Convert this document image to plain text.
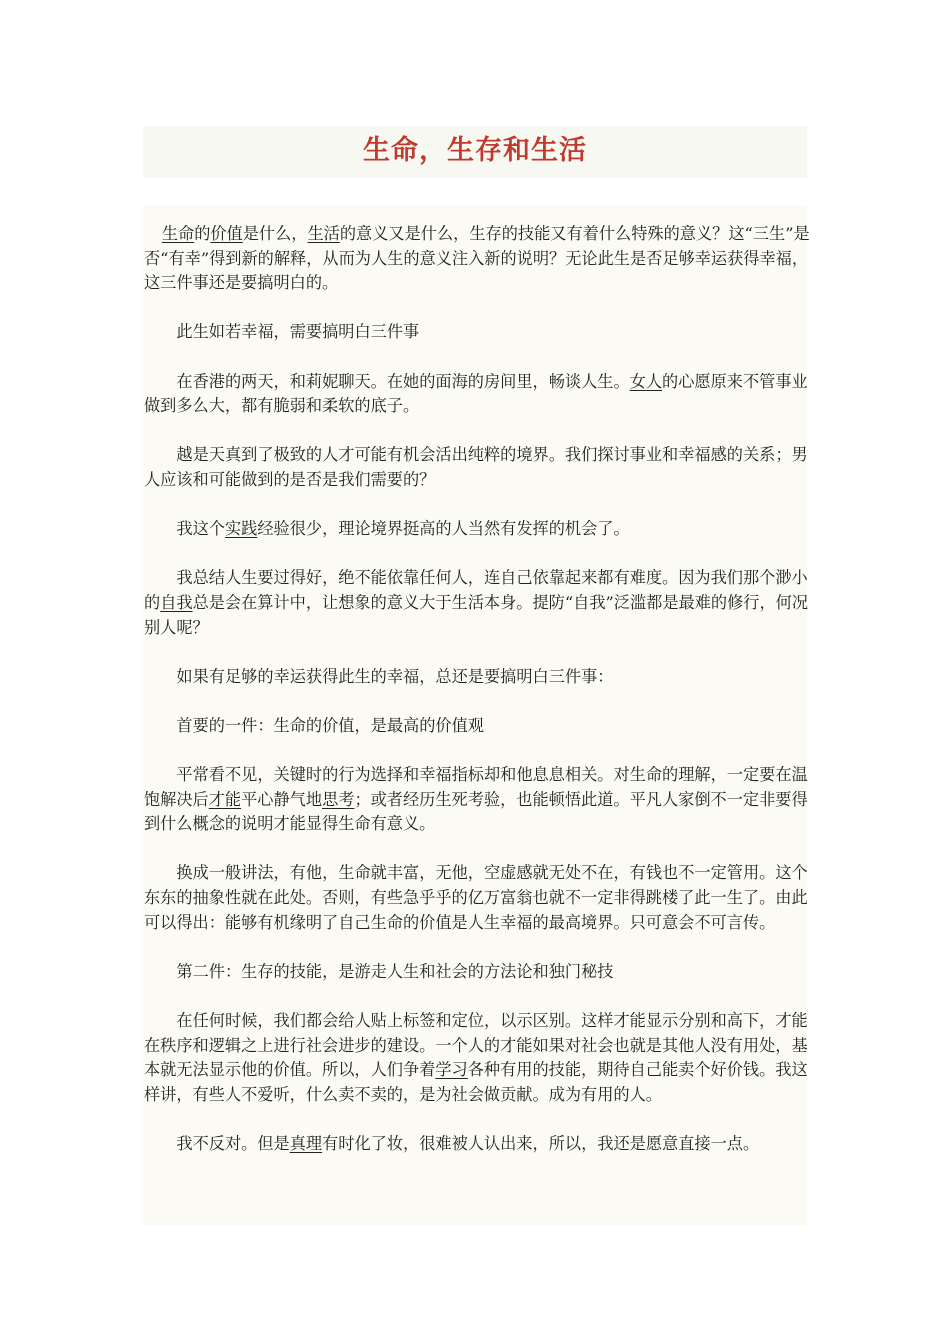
生命，生存和生活

生命的价值是什么，生活的意义又是什么，生存的技能又有着什么特殊的意义？这“三生”是否“有幸”得到新的解释，从而为人生的意义注入新的说明？无论此生是否足够幸运获得幸福，这三件事还是要搞明白的。

此生如若幸福，需要搞明白三件事

在香港的两天，和莉妮聊天。在她的面海的房间里，畅谈人生。女人的心愿原来不管事业做到多么大，都有脆弱和柔软的底子。

越是天真到了极致的人才可能有机会活出纯粹的境界。我们探讨事业和幸福感的关系；男人应该和可能做到的是否是我们需要的？

我这个实践经验很少，理论境界挺高的人当然有发挥的机会了。

我总结人生要过得好，绝不能依靠任何人，连自己依靠起来都有难度。因为我们那个渺小的自我总是会在算计中，让想象的意义大于生活本身。提防“自我”泛滥都是最难的修行，何况别人呢？

如果有足够的幸运获得此生的幸福，总还是要搞明白三件事：

首要的一件：生命的价值，是最高的价值观

平常看不见，关键时的行为选择和幸福指标却和他息息相关。对生命的理解，一定要在温饱解决后才能平心静气地思考；或者经历生死考验，也能顿悟此道。平凡人家倒不一定非要得到什么概念的说明才能显得生命有意义。

换成一般讲法，有他，生命就丰富，无他，空虚感就无处不在，有钱也不一定管用。这个东东的抽象性就在此处。否则，有些急乎乎的亿万富翁也就不一定非得跳楼了此一生了。由此可以得出：能够有机缘明了自己生命的价值是人生幸福的最高境界。只可意会不可言传。

第二件：生存的技能，是游走人生和社会的方法论和独门秘技

在任何时候，我们都会给人贴上标签和定位，以示区别。这样才能显示分别和高下，才能在秩序和逻辑之上进行社会进步的建设。一个人的才能如果对社会也就是其他人没有用处，基本就无法显示他的价值。所以，人们争着学习各种有用的技能，期待自己能卖个好价钱。我这样讲，有些人不爱听，什么卖不卖的，是为社会做贡献。成为有用的人。

我不反对。但是真理有时化了妆，很难被人认出来，所以，我还是愿意直接一点。
